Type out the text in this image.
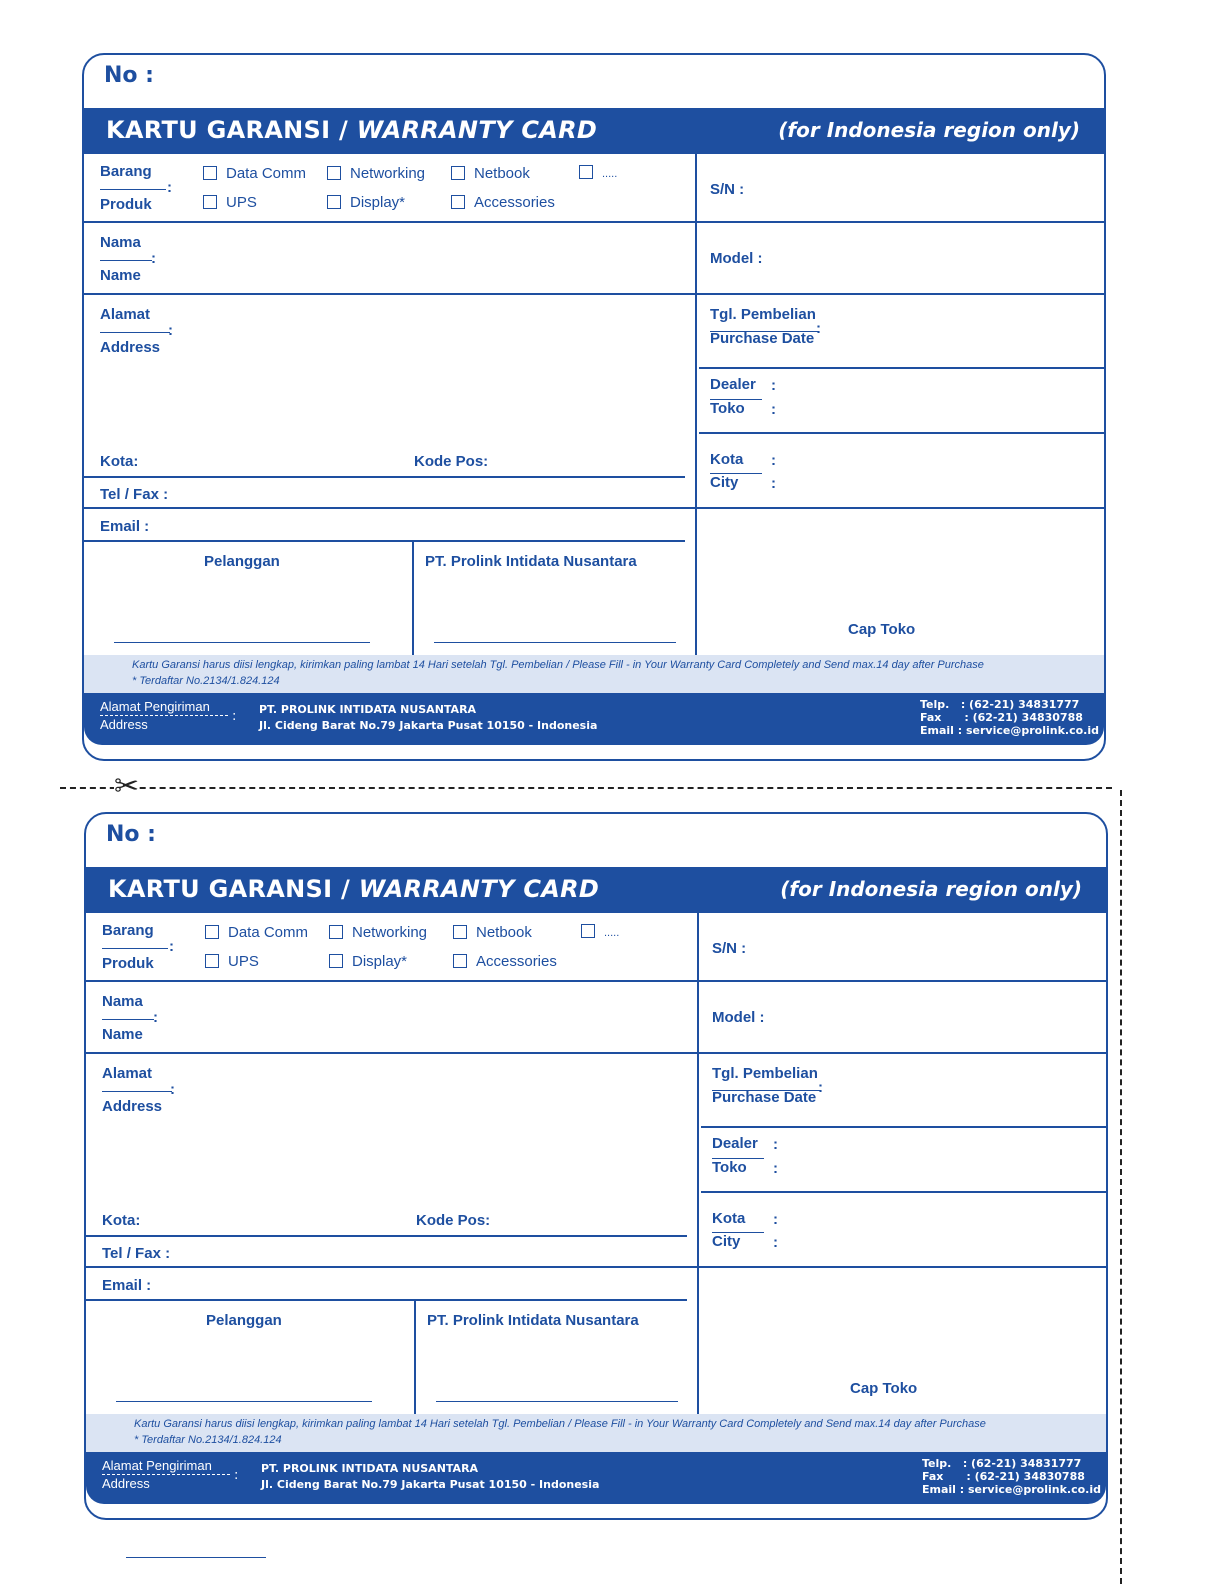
No :
KARTU GARANSI / WARRANTY CARD	(for Indonesia region only)
Barang
:
Produk
Data Comm	Networking	Netbook	.....
UPS	Display*	Accessories
S/N :
Nama
:
Name
Model :
Alamat
:
Address
Tgl. Pembelian
:
Purchase Date
Dealer :
Toko :
Kota :
City :
Kota:	Kode Pos:
Tel / Fax :
Email :
Pelanggan	PT. Prolink Intidata Nusantara
Cap Toko
Kartu Garansi harus diisi lengkap, kirimkan paling lambat 14 Hari setelah Tgl. Pembelian / Please Fill - in Your Warranty Card Completely and Send max.14 day after Purchase
* Terdaftar No.2134/1.824.124
Alamat Pengiriman
Address
: PT. PROLINK INTIDATA NUSANTARA
Jl. Cideng Barat No.79 Jakarta Pusat 10150 - Indonesia
Telp.   : (62-21) 34831777
Fax      : (62-21) 34830788
Email : service@prolink.co.id
No :
KARTU GARANSI / WARRANTY CARD	(for Indonesia region only)
Barang
:
Produk
Data Comm	Networking	Netbook	.....
UPS	Display*	Accessories
S/N :
Nama
:
Name
Model :
Alamat
:
Address
Tgl. Pembelian
:
Purchase Date
Dealer :
Toko :
Kota :
City :
Kota:	Kode Pos:
Tel / Fax :
Email :
Pelanggan	PT. Prolink Intidata Nusantara
Cap Toko
Kartu Garansi harus diisi lengkap, kirimkan paling lambat 14 Hari setelah Tgl. Pembelian / Please Fill - in Your Warranty Card Completely and Send max.14 day after Purchase
* Terdaftar No.2134/1.824.124
Alamat Pengiriman
Address
: PT. PROLINK INTIDATA NUSANTARA
Jl. Cideng Barat No.79 Jakarta Pusat 10150 - Indonesia
Telp.   : (62-21) 34831777
Fax      : (62-21) 34830788
Email : service@prolink.co.id
✂
